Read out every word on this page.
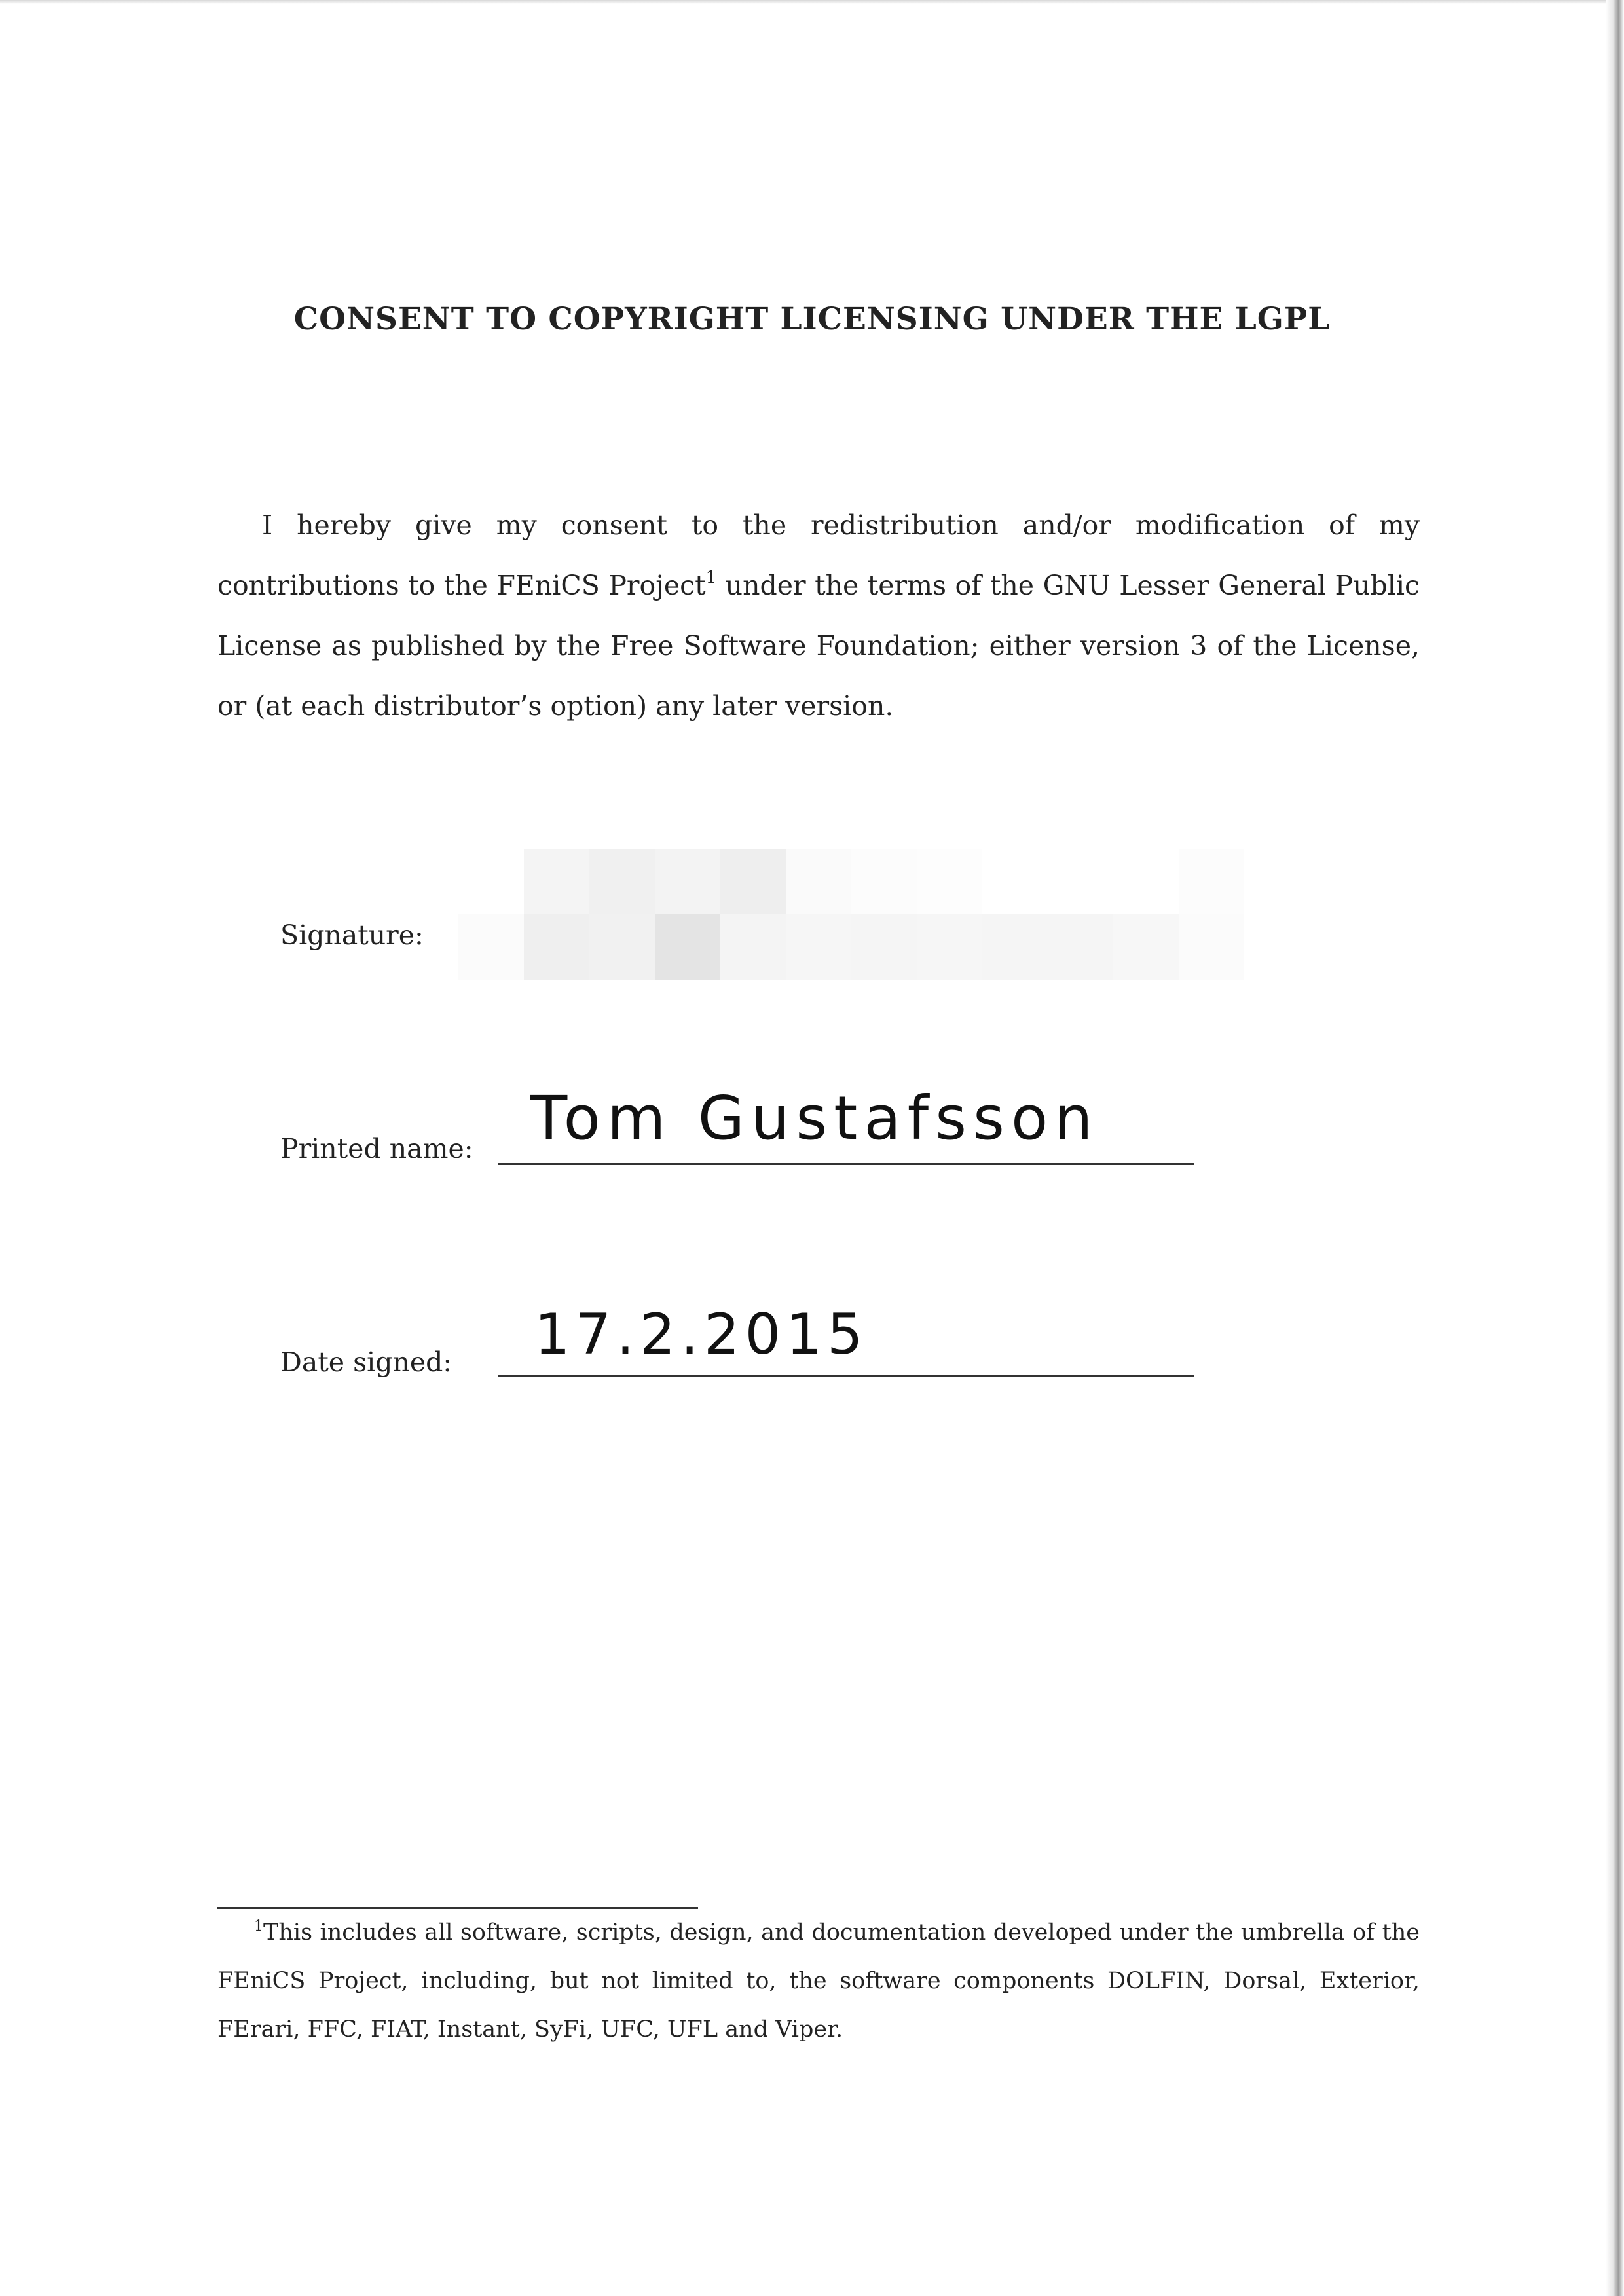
CONSENT TO COPYRIGHT LICENSING UNDER THE LGPL

I hereby give my consent to the redistribution and/or modification of my contributions to the FEniCS Project$^1$ under the terms of the GNU Lesser General Public License as published by the Free Software Foundation; either version 3 of the License, or (at each distributor’s option) any later version.

Signature:
Printed name: Tom Gustafsson
Date signed: 17.2.2015

$^1$This includes all software, scripts, design, and documentation developed under the umbrella of the FEniCS Project, including, but not limited to, the software components DOLFIN, Dorsal, Exterior, FErari, FFC, FIAT, Instant, SyFi, UFC, UFL and Viper.
